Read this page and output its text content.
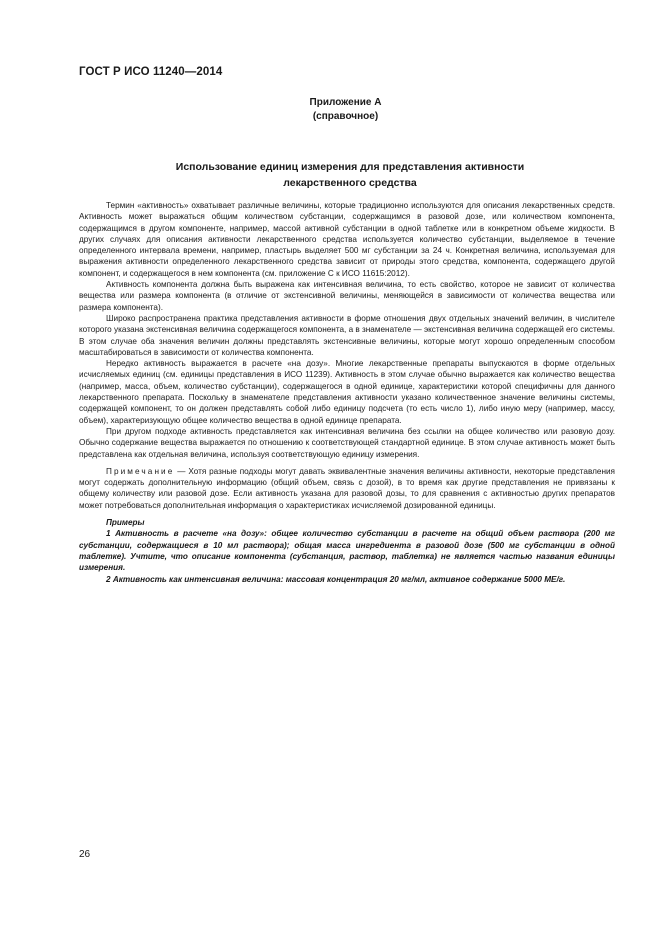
ГОСТ Р ИСО 11240—2014
Приложение А
(справочное)
Использование единиц измерения для представления активности
лекарственного средства

Термин «активность» охватывает различные величины, которые традиционно используются для описания лекарственных средств. Активность может выражаться общим количеством субстанции, содержащимся в разовой дозе, или количеством компонента, содержащимся в другом компоненте, например, массой активной субстанции в одной таблетке или в конкретном объеме жидкости. В других случаях для описания активности лекарственного средства используется количество субстанции, выделяемое в течение определенного интервала времени, например, пластырь выделяет 500 мг субстанции за 24 ч. Конкретная величина, используемая для выражения активности определенного лекарственного средства зависит от природы этого средства, компонента, содержащего другой компонент, и содержащегося в нем компонента (см. приложение С к ИСО 11615:2012).

Активность компонента должна быть выражена как интенсивная величина, то есть свойство, которое не зависит от количества вещества или размера компонента (в отличие от экстенсивной величины, меняющейся в зависимости от количества вещества или размера компонента).

Широко распространена практика представления активности в форме отношения двух отдельных значений величин, в числителе которого указана экстенсивная величина содержащегося компонента, а в знаменателе — экстенсивная величина содержащей его системы. В этом случае оба значения величин должны представлять экстенсивные величины, которые могут хорошо определенным способом масштабироваться в зависимости от количества компонента.

Нередко активность выражается в расчете «на дозу». Многие лекарственные препараты выпускаются в форме отдельных исчисляемых единиц (см. единицы представления в ИСО 11239). Активность в этом случае обычно выражается как количество вещества (например, масса, объем, количество субстанции), содержащегося в одной единице, характеристики которой специфичны для данного лекарственного препарата. Поскольку в знаменателе представления активности указано количественное значение величины системы, содержащей компонент, то он должен представлять собой либо единицу подсчета (то есть число 1), либо иную меру (например, массу, объем), характеризующую общее количество вещества в одной единице препарата.

При другом подходе активность представляется как интенсивная величина без ссылки на общее количество или разовую дозу. Обычно содержание вещества выражается по отношению к соответствующей стандартной единице. В этом случае активность может быть представлена как отдельная величина, используя соответствующую единицу измерения.

Примечание — Хотя разные подходы могут давать эквивалентные значения величины активности, некоторые представления могут содержать дополнительную информацию (общий объем, связь с дозой), в то время как другие представления не привязаны к общему количеству или разовой дозе. Если активность указана для разовой дозы, то для сравнения с активностью других препаратов может потребоваться дополнительная информация о характеристиках исчисляемой дозированной единицы.

Примеры

1 Активность в расчете «на дозу»: общее количество субстанции в расчете на общий объем раствора (200 мг субстанции, содержащиеся в 10 мл раствора); общая масса ингредиента в разовой дозе (500 мг субстанции в одной таблетке). Учтите, что описание компонента (субстанция, раствор, таблетка) не является частью названия единицы измерения.

2 Активность как интенсивная величина: массовая концентрация 20 мг/мл, активное содержание 5000 МЕ/г.

26
